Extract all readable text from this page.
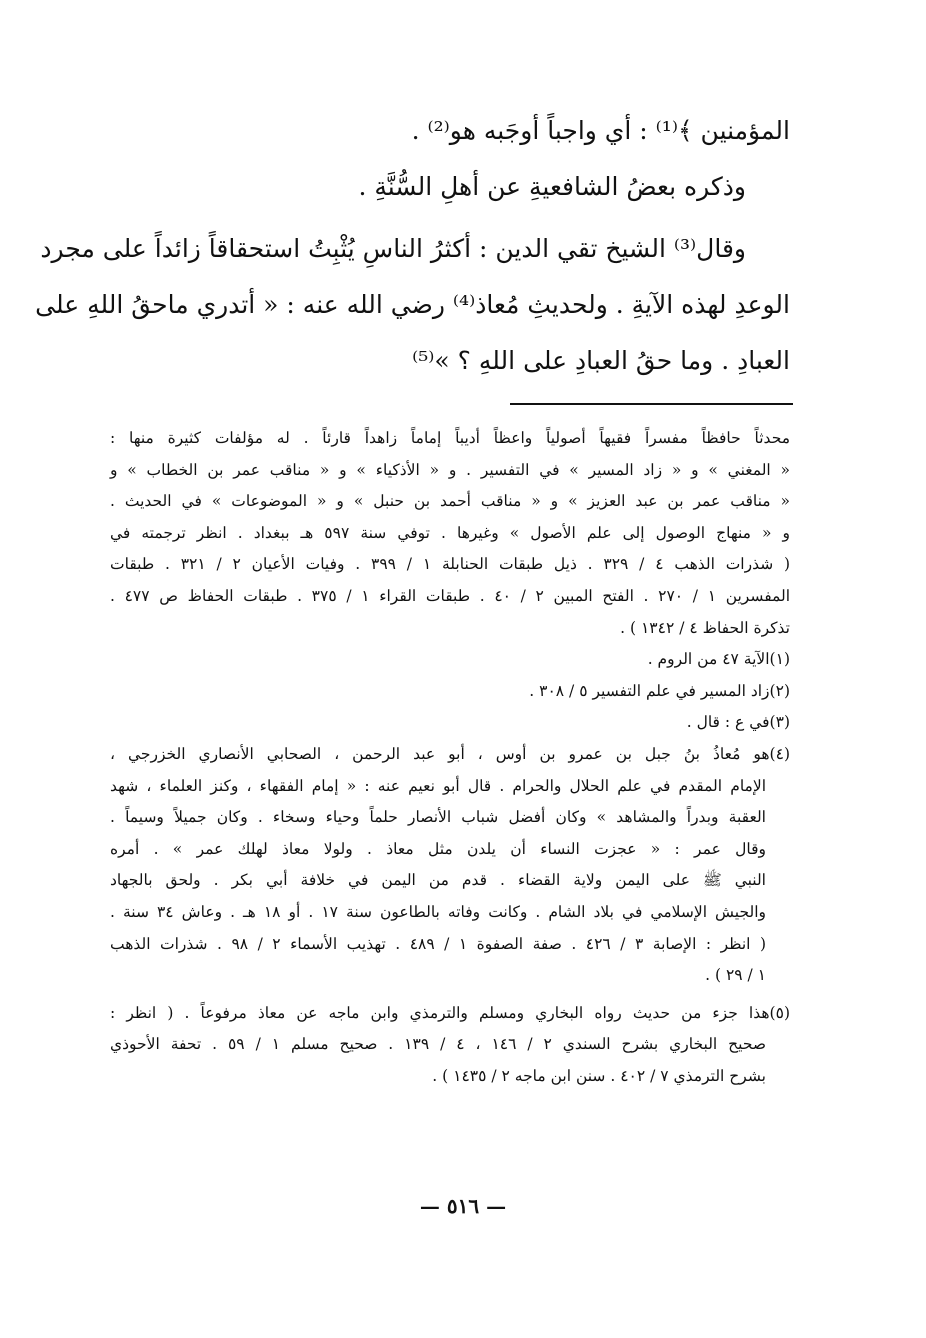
المؤمنين ﴾⁽¹⁾ : أي واجباً أوجَبه هو⁽²⁾ .
وذكره بعضُ الشافعيةِ عن أهلِ السُّنَّةِ .
وقال⁽³⁾ الشيخ تقي الدين : أكثرُ الناسِ يُثْبِتُ استحقاقاً زائداً على مجرد
الوعدِ لهذه الآيةِ . ولحديثِ مُعاذ⁽⁴⁾ رضي الله عنه : « أتدري ماحقُ اللهِ على
العبادِ . وما حقُ العبادِ على اللهِ ؟ »⁽⁵⁾
محدثاً حافظاً مفسراً فقيهاً أصولياً واعظاً أديباً إماماً زاهداً قارئاً . له مؤلفات كثيرة منها :
« المغني » و « زاد المسير » في التفسير . و « الأذكياء » و « مناقب عمر بن الخطاب » و
« مناقب عمر بن عبد العزيز » و « مناقب أحمد بن حنبل » و « الموضوعات » في الحديث .
و « منهاج الوصول إلى علم الأصول » وغيرها . توفي سنة ٥٩٧ هـ ببغداد . انظر ترجمته في
( شذرات الذهب ٤ / ٣٢٩ . ذيل طبقات الحنابلة ١ / ٣٩٩ . وفيات الأعيان ٢ / ٣٢١ . طبقات
المفسرين ١ / ٢٧٠ . الفتح المبين ٢ / ٤٠ . طبقات القراء ١ / ٣٧٥ . طبقات الحفاظ ص ٤٧٧ .
تذكرة الحفاظ ٤ / ١٣٤٢ ) .
(١)الآية ٤٧ من الروم .
(٢)زاد المسير في علم التفسير ٥ / ٣٠٨ .
(٣)في ع : قال .
(٤)هو مُعاذُ بنُ جبل بن عمرو بن أوس ، أبو عبد الرحمن ، الصحابي الأنصاري الخزرجي ،
الإمام المقدم في علم الحلال والحرام . قال أبو نعيم عنه : « إمام الفقهاء ، وكنز العلماء ، شهد
العقبة وبدراً والمشاهد » وكان أفضل شباب الأنصار حلماً وحياء وسخاء . وكان جميلاً وسيماً .
وقال عمر : « عجزت النساء أن يلدن مثل معاذ . ولولا معاذ لهلك عمر » . أمره
النبي ﷺ على اليمن ولاية القضاء . قدم من اليمن في خلافة أبي بكر . ولحق بالجهاد
والجيش الإسلامي في بلاد الشام . وكانت وفاته بالطاعون سنة ١٧ . أو ١٨ هـ . وعاش ٣٤ سنة .
( انظر : الإصابة ٣ / ٤٢٦ . صفة الصفوة ١ / ٤٨٩ . تهذيب الأسماء ٢ / ٩٨ . شذرات الذهب
١ / ٢٩ ) .
(٥)هذا جزء من حديث رواه البخاري ومسلم والترمذي وابن ماجه عن معاذ مرفوعاً . ( انظر :
صحيح البخاري بشرح السندي ٢ / ١٤٦ ، ٤ / ١٣٩ . صحيح مسلم ١ / ٥٩ . تحفة الأحوذي
بشرح الترمذي ٧ / ٤٠٢ . سنن ابن ماجه ٢ / ١٤٣٥ ) .
— ٥١٦ —
